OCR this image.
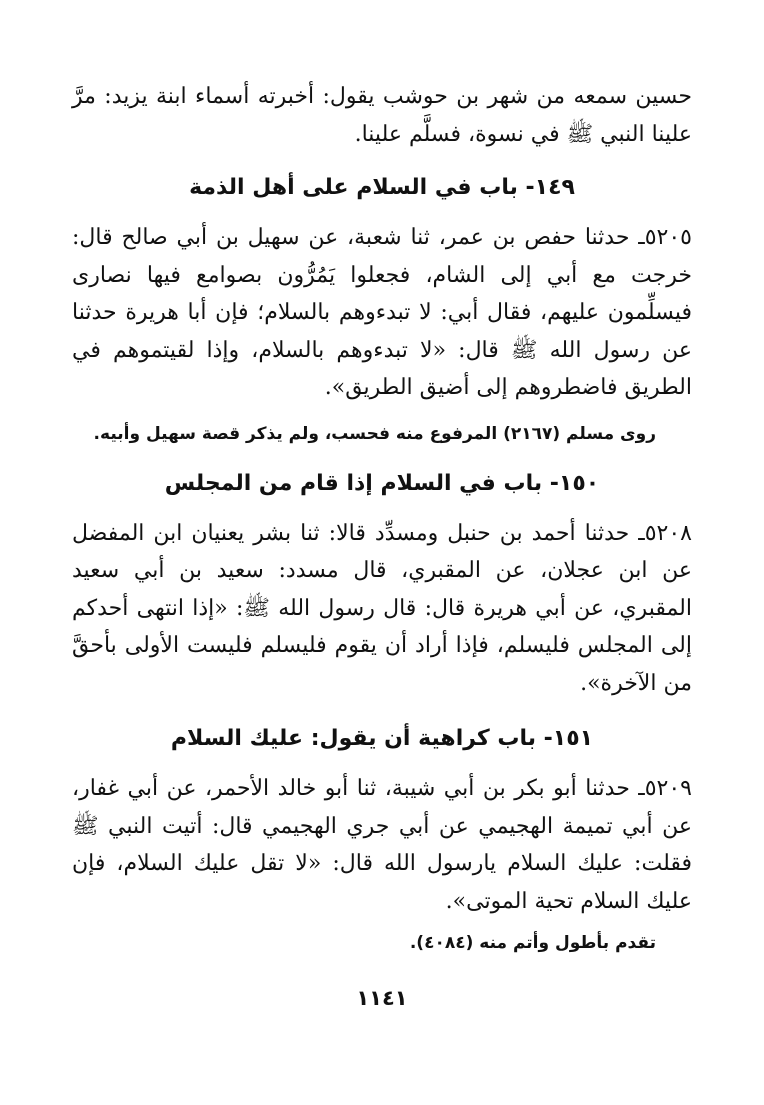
حسين سمعه من شهر بن حوشب يقول: أخبرته أسماء ابنة يزيد: مرَّ علينا النبي ﷺ في نسوة، فسلَّم علينا.

١٤٩- باب في السلام على أهل الذمة

٥٢٠٥ـ حدثنا حفص بن عمر، ثنا شعبة، عن سهيل بن أبي صالح قال: خرجت مع أبي إلى الشام، فجعلوا يَمُرُّون بصوامع فيها نصارى فيسلِّمون عليهم، فقال أبي: لا تبدءوهم بالسلام؛ فإن أبا هريرة حدثنا عن رسول الله ﷺ قال: «لا تبدءوهم بالسلام، وإذا لقيتموهم في الطريق فاضطروهم إلى أضيق الطريق».

روى مسلم (٢١٦٧) المرفوع منه فحسب، ولم يذكر قصة سهيل وأبيه.

١٥٠- باب في السلام إذا قام من المجلس

٥٢٠٨ـ حدثنا أحمد بن حنبل ومسدِّد قالا: ثنا بشر يعنيان ابن المفضل عن ابن عجلان، عن المقبري، قال مسدد: سعيد بن أبي سعيد المقبري، عن أبي هريرة قال: قال رسول الله ﷺ: «إذا انتهى أحدكم إلى المجلس فليسلم، فإذا أراد أن يقوم فليسلم فليست الأولى بأحقَّ من الآخرة».

١٥١- باب كراهية أن يقول: عليك السلام

٥٢٠٩ـ حدثنا أبو بكر بن أبي شيبة، ثنا أبو خالد الأحمر، عن أبي غفار، عن أبي تميمة الهجيمي عن أبي جري الهجيمي قال: أتيت النبي ﷺ فقلت: عليك السلام يارسول الله قال: «لا تقل عليك السلام، فإن عليك السلام تحية الموتى».

تقدم بأطول وأتم منه (٤٠٨٤).

١١٤١
